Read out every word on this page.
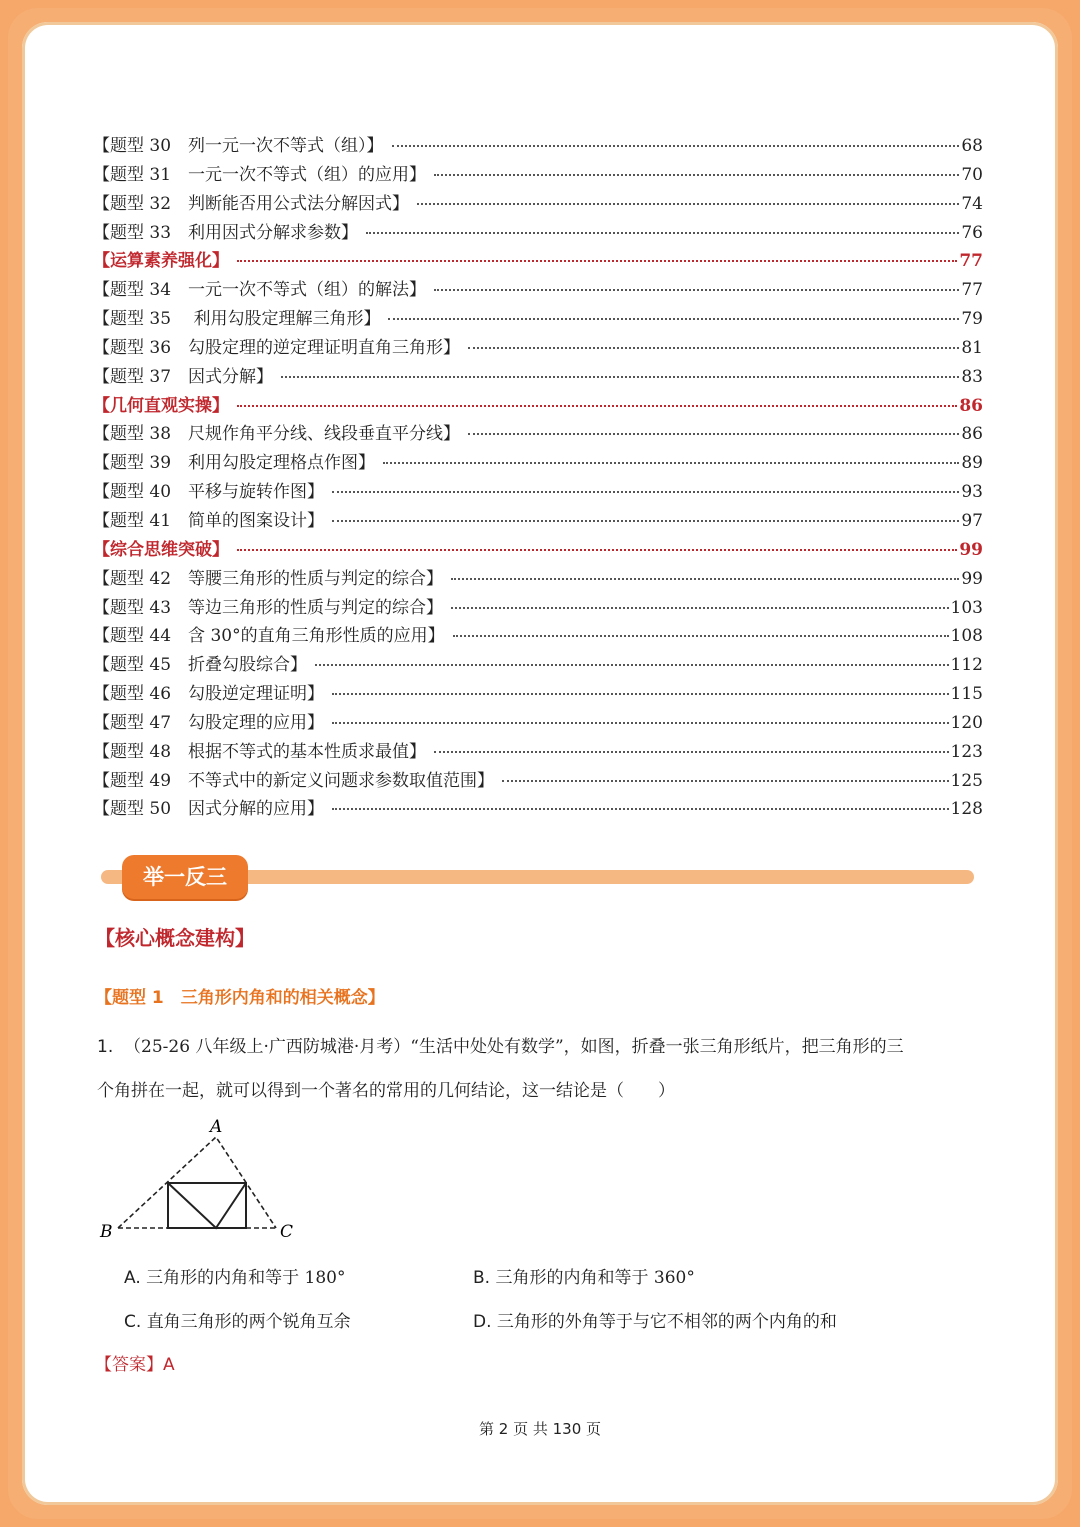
【题型 30　列一元一次不等式（组）】	68
【题型 31　一元一次不等式（组）的应用】	70
【题型 32　判断能否用公式法分解因式】	74
【题型 33　利用因式分解求参数】	76
【运算素养强化】	77
【题型 34　一元一次不等式（组）的解法】	77
【题型 35　 利用勾股定理解三角形】	79
【题型 36　勾股定理的逆定理证明直角三角形】	81
【题型 37　因式分解】	83
【几何直观实操】	86
【题型 38　尺规作角平分线、线段垂直平分线】	86
【题型 39　利用勾股定理格点作图】	89
【题型 40　平移与旋转作图】	93
【题型 41　简单的图案设计】	97
【综合思维突破】	99
【题型 42　等腰三角形的性质与判定的综合】	99
【题型 43　等边三角形的性质与判定的综合】	103
【题型 44　含 30°的直角三角形性质的应用】	108
【题型 45　折叠勾股综合】	112
【题型 46　勾股逆定理证明】	115
【题型 47　勾股定理的应用】	120
【题型 48　根据不等式的基本性质求最值】	123
【题型 49　不等式中的新定义问题求参数取值范围】	125
【题型 50　因式分解的应用】	128
举一反三
【核心概念建构】
【题型 1　三角形内角和的相关概念】
1. （25-26 八年级上·广西防城港·月考）“生活中处处有数学”，如图，折叠一张三角形纸片，把三角形的三
个角拼在一起，就可以得到一个著名的常用的几何结论，这一结论是（　　）
A
B	C
A. 三角形的内角和等于 180°	B. 三角形的内角和等于 360°
C. 直角三角形的两个锐角互余	D. 三角形的外角等于与它不相邻的两个内角的和
【答案】A
第 2 页 共 130 页
